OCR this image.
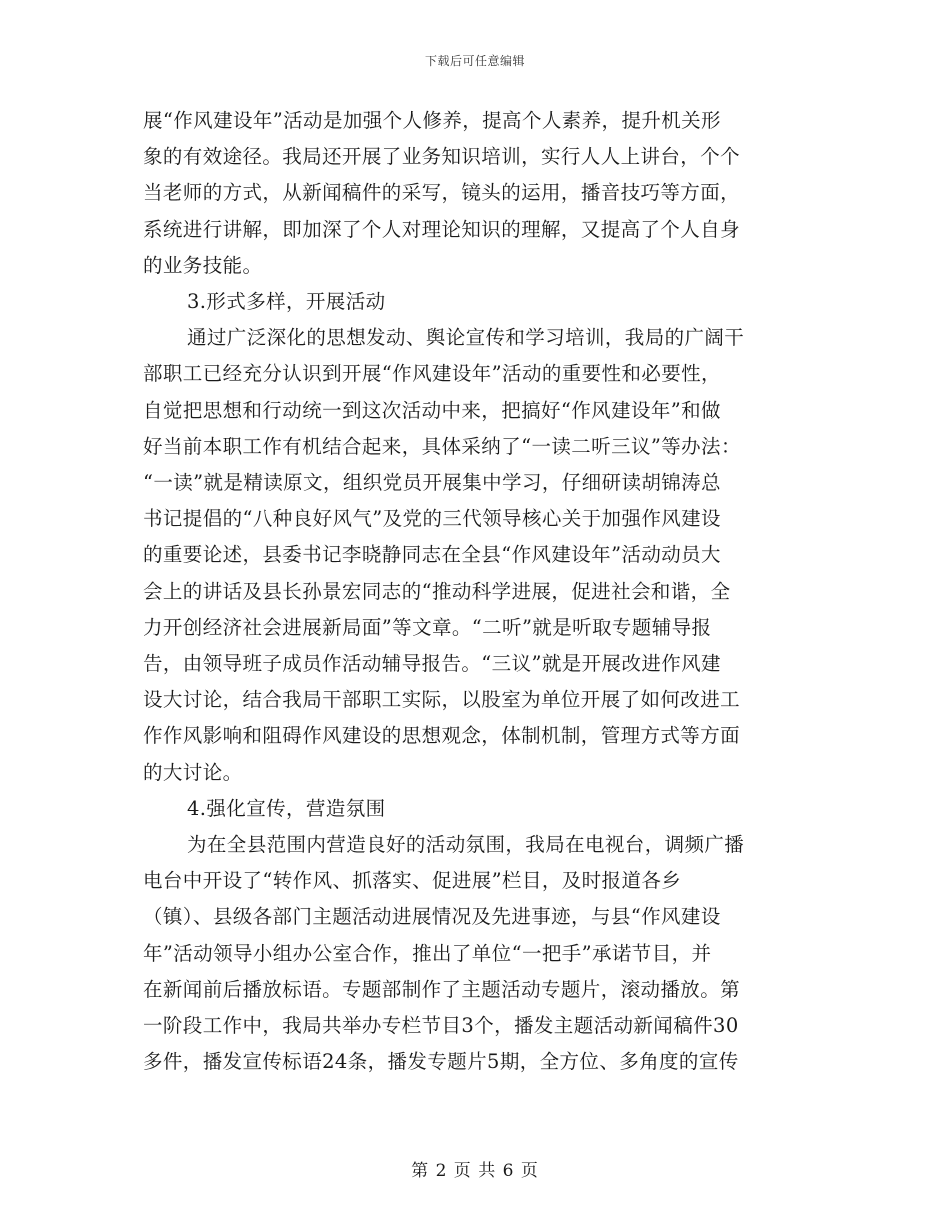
下载后可任意编辑
展“作风建设年”活动是加强个人修养，提高个人素养，提升机关形
象的有效途径。我局还开展了业务知识培训，实行人人上讲台，个个
当老师的方式，从新闻稿件的采写，镜头的运用，播音技巧等方面，
系统进行讲解，即加深了个人对理论知识的理解，又提高了个人自身
的业务技能。
3.形式多样，开展活动
通过广泛深化的思想发动、舆论宣传和学习培训，我局的广阔干
部职工已经充分认识到开展“作风建设年”活动的重要性和必要性，
自觉把思想和行动统一到这次活动中来，把搞好“作风建设年”和做
好当前本职工作有机结合起来，具体采纳了“一读二听三议”等办法：
“一读”就是精读原文，组织党员开展集中学习，仔细研读胡锦涛总
书记提倡的“八种良好风气”及党的三代领导核心关于加强作风建设
的重要论述，县委书记李晓静同志在全县“作风建设年”活动动员大
会上的讲话及县长孙景宏同志的“推动科学进展，促进社会和谐，全
力开创经济社会进展新局面”等文章。“二听”就是听取专题辅导报
告，由领导班子成员作活动辅导报告。“三议”就是开展改进作风建
设大讨论，结合我局干部职工实际，以股室为单位开展了如何改进工
作作风影响和阻碍作风建设的思想观念，体制机制，管理方式等方面
的大讨论。
4.强化宣传，营造氛围
为在全县范围内营造良好的活动氛围，我局在电视台，调频广播
电台中开设了“转作风、抓落实、促进展”栏目，及时报道各乡
（镇）、县级各部门主题活动进展情况及先进事迹，与县“作风建设
年”活动领导小组办公室合作，推出了单位“一把手”承诺节目，并
在新闻前后播放标语。专题部制作了主题活动专题片，滚动播放。第
一阶段工作中，我局共举办专栏节目3个，播发主题活动新闻稿件30
多件，播发宣传标语24条，播发专题片5期，全方位、多角度的宣传
第 2 页 共 6 页
